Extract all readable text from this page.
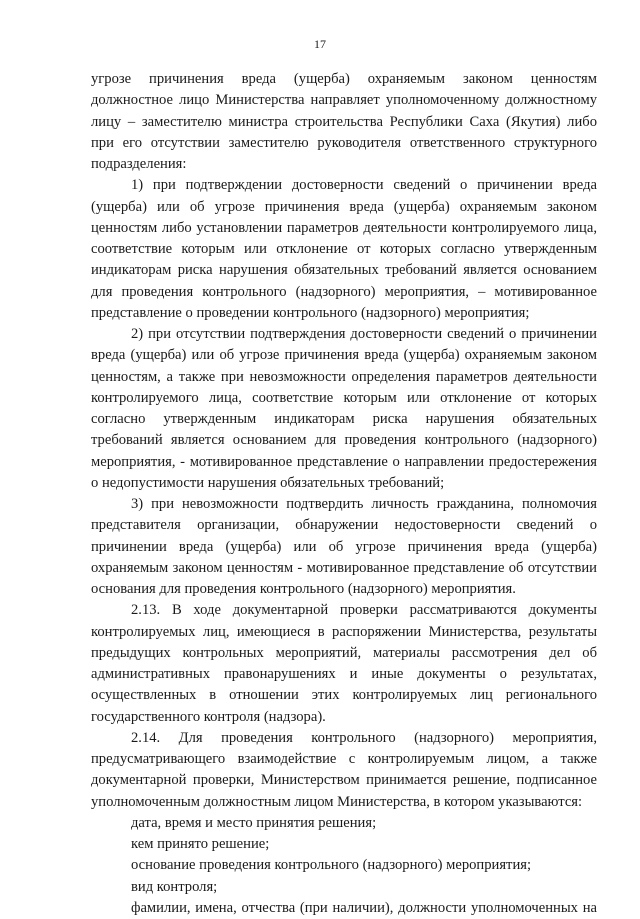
17

угрозе причинения вреда (ущерба) охраняемым законом ценностям должностное лицо Министерства направляет уполномоченному должностному лицу – заместителю министра строительства Республики Саха (Якутия) либо при его отсутствии заместителю руководителя ответственного структурного подразделения:

1) при подтверждении достоверности сведений о причинении вреда (ущерба) или об угрозе причинения вреда (ущерба) охраняемым законом ценностям либо установлении параметров деятельности контролируемого лица, соответствие которым или отклонение от которых согласно утвержденным индикаторам риска нарушения обязательных требований является основанием для проведения контрольного (надзорного) мероприятия, – мотивированное представление о проведении контрольного (надзорного) мероприятия;

2) при отсутствии подтверждения достоверности сведений о причинении вреда (ущерба) или об угрозе причинения вреда (ущерба) охраняемым законом ценностям, а также при невозможности определения параметров деятельности контролируемого лица, соответствие которым или отклонение от которых согласно утвержденным индикаторам риска нарушения обязательных требований является основанием для проведения контрольного (надзорного) мероприятия, - мотивированное представление о направлении предостережения о недопустимости нарушения обязательных требований;

3) при невозможности подтвердить личность гражданина, полномочия представителя организации, обнаружении недостоверности сведений о причинении вреда (ущерба) или об угрозе причинения вреда (ущерба) охраняемым законом ценностям - мотивированное представление об отсутствии основания для проведения контрольного (надзорного) мероприятия.

2.13. В ходе документарной проверки рассматриваются документы контролируемых лиц, имеющиеся в распоряжении Министерства, результаты предыдущих контрольных мероприятий, материалы рассмотрения дел об административных правонарушениях и иные документы о результатах, осуществленных в отношении этих контролируемых лиц регионального государственного контроля (надзора).

2.14. Для проведения контрольного (надзорного) мероприятия, предусматривающего взаимодействие с контролируемым лицом, а также документарной проверки, Министерством принимается решение, подписанное уполномоченным должностным лицом Министерства, в котором указываются:

дата, время и место принятия решения;

кем принято решение;

основание проведения контрольного (надзорного) мероприятия;

вид контроля;

фамилии, имена, отчества (при наличии), должности уполномоченных на
